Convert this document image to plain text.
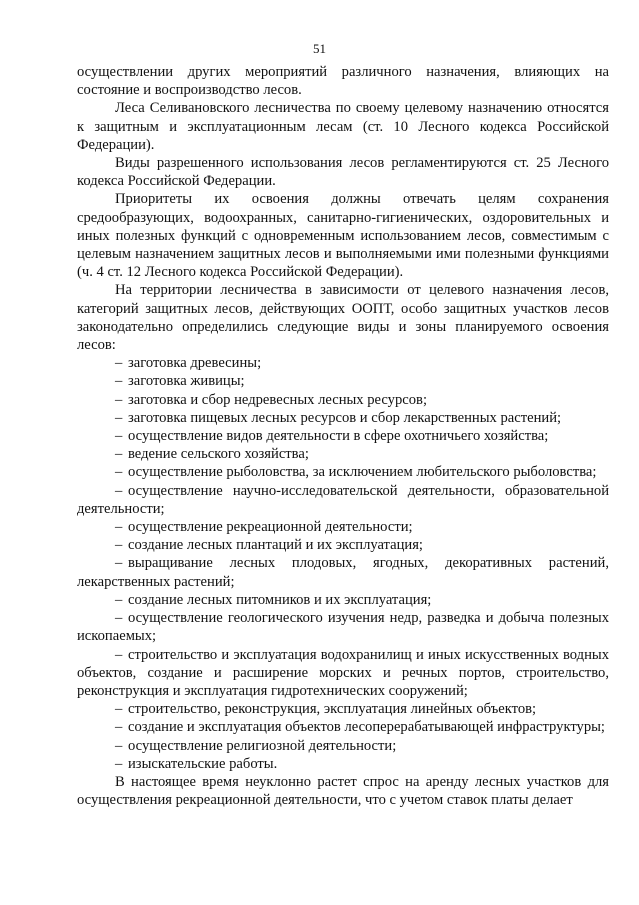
51

осуществлении других мероприятий различного назначения, влияющих на состояние и воспроизводство лесов.

Леса Селивановского лесничества по своему целевому назначению относятся к защитным и эксплуатационным лесам (ст. 10 Лесного кодекса Российской Федерации).

Виды разрешенного использования лесов регламентируются ст. 25 Лесного кодекса Российской Федерации.

Приоритеты их освоения должны отвечать целям сохранения средообразующих, водоохранных, санитарно-гигиенических, оздоровительных и иных полезных функций с одновременным использованием лесов, совместимым с целевым назначением защитных лесов и выполняемыми ими полезными функциями (ч. 4 ст. 12 Лесного кодекса Российской Федерации).

На территории лесничества в зависимости от целевого назначения лесов, категорий защитных лесов, действующих ООПТ, особо защитных участков лесов законодательно определились следующие виды и зоны планируемого освоения лесов:

– заготовка древесины;

– заготовка живицы;

– заготовка и сбор недревесных лесных ресурсов;

– заготовка пищевых лесных ресурсов и сбор лекарственных растений;

– осуществление видов деятельности в сфере охотничьего хозяйства;

– ведение сельского хозяйства;

– осуществление рыболовства, за исключением любительского рыболовства;

– осуществление научно-исследовательской деятельности, образовательной деятельности;

– осуществление рекреационной деятельности;

– создание лесных плантаций и их эксплуатация;

– выращивание лесных плодовых, ягодных, декоративных растений, лекарственных растений;

– создание лесных питомников и их эксплуатация;

– осуществление геологического изучения недр, разведка и добыча полезных ископаемых;

– строительство и эксплуатация водохранилищ и иных искусственных водных объектов, создание и расширение морских и речных портов, строительство, реконструкция и эксплуатация гидротехнических сооружений;

– строительство, реконструкция, эксплуатация линейных объектов;

– создание и эксплуатация объектов лесоперерабатывающей инфраструктуры;

– осуществление религиозной деятельности;

– изыскательские работы.

В настоящее время неуклонно растет спрос на аренду лесных участков для осуществления рекреационной деятельности, что с учетом ставок платы делает
